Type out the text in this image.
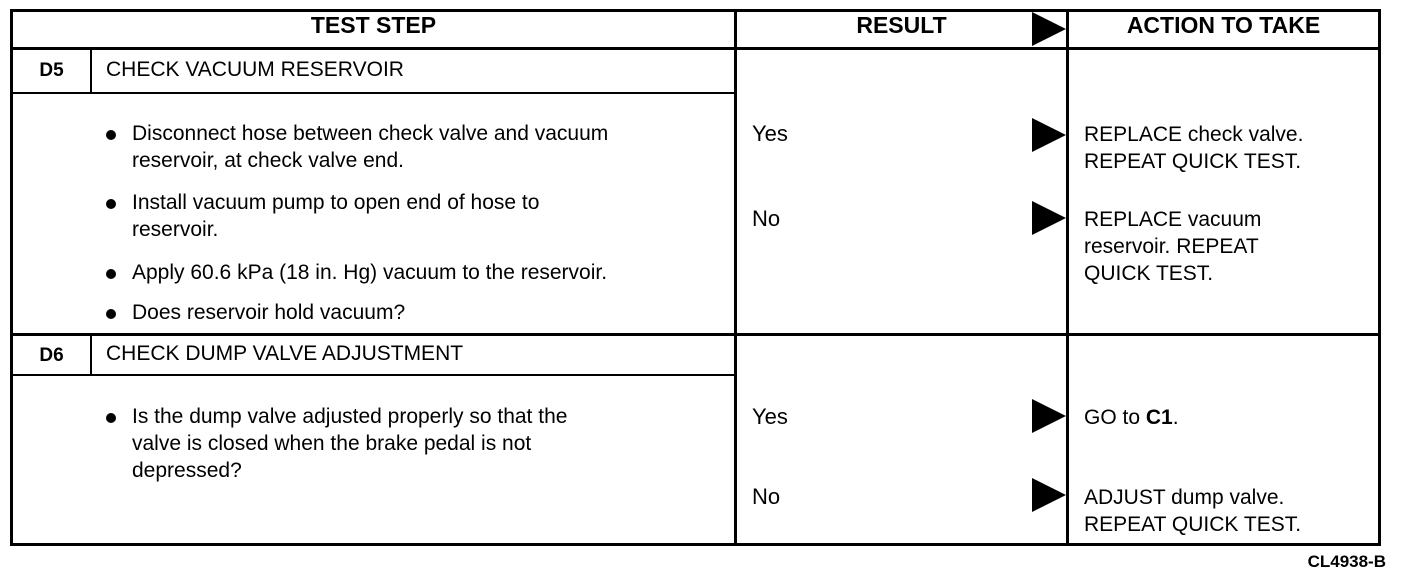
TEST STEP	RESULT	ACTION TO TAKE
D5	CHECK VACUUM RESERVOIR
Disconnect hose between check valve and vacuum
reservoir, at check valve end.
Install vacuum pump to open end of hose to
reservoir.
Apply 60.6 kPa (18 in. Hg) vacuum to the reservoir.
Does reservoir hold vacuum?
Yes	REPLACE check valve.
REPEAT QUICK TEST.
No	REPLACE vacuum
reservoir. REPEAT
QUICK TEST.
D6	CHECK DUMP VALVE ADJUSTMENT
Is the dump valve adjusted properly so that the
valve is closed when the brake pedal is not
depressed?
Yes	GO to C1.
No	ADJUST dump valve.
REPEAT QUICK TEST.
CL4938-B
